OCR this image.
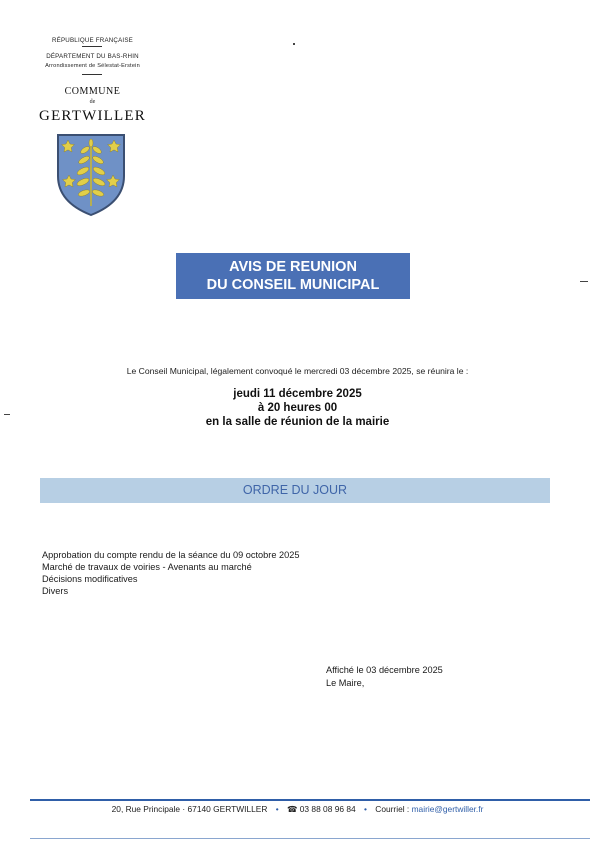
RÉPUBLIQUE FRANÇAISE
DÉPARTEMENT DU BAS-RHIN
Arrondissement de Sélestat-Erstein
COMMUNE
de
GERTWILLER
AVIS DE REUNION
DU CONSEIL MUNICIPAL
Le Conseil Municipal, légalement convoqué le mercredi 03 décembre 2025, se réunira le :
jeudi 11 décembre 2025
à 20 heures 00
en la salle de réunion de la mairie
ORDRE DU JOUR
Approbation du compte rendu de la séance du 09 octobre 2025
Marché de travaux de voiries - Avenants au marché
Décisions modificatives
Divers
Affiché le 03 décembre 2025
Le Maire,
20, Rue Principale · 67140 GERTWILLER • ☎ 03 88 08 96 84 • Courriel : mairie@gertwiller.fr
